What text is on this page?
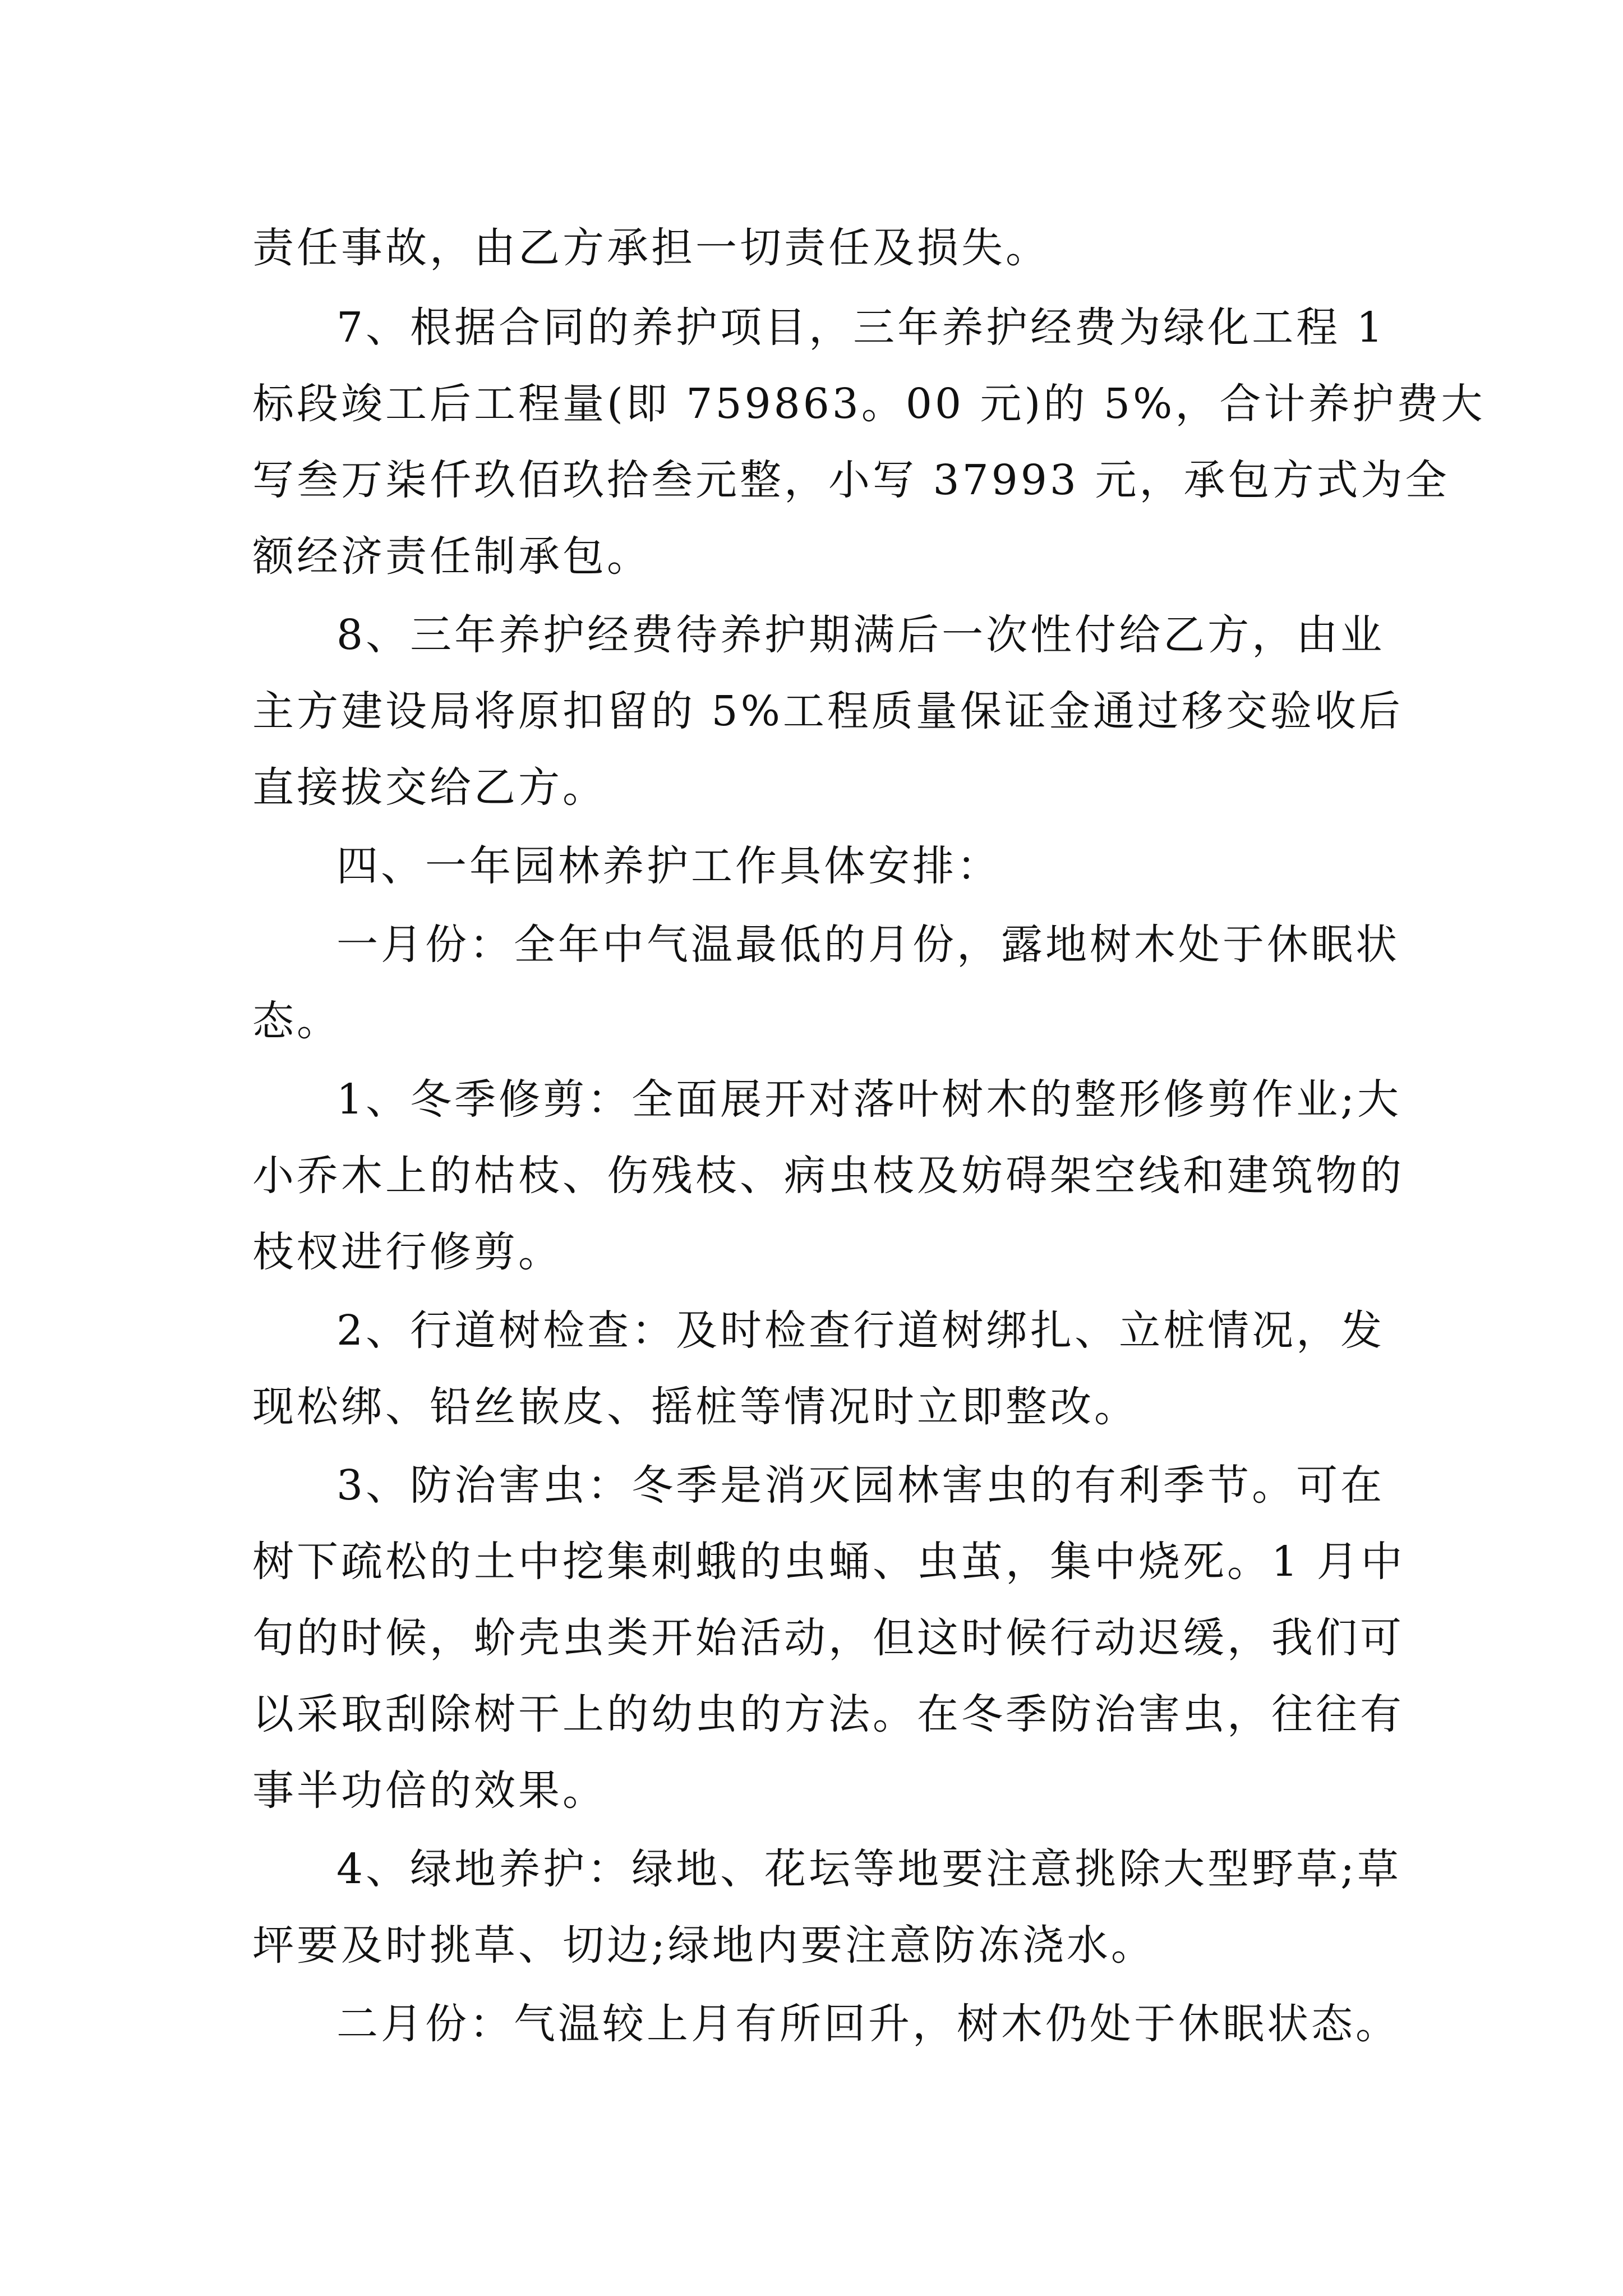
责任事故，由乙方承担一切责任及损失。

7、根据合同的养护项目，三年养护经费为绿化工程 1

标段竣工后工程量(即 759863。00 元)的 5%，合计养护费大

写叁万柒仟玖佰玖拾叁元整，小写 37993 元，承包方式为全

额经济责任制承包。

8、三年养护经费待养护期满后一次性付给乙方，由业

主方建设局将原扣留的 5%工程质量保证金通过移交验收后

直接拔交给乙方。

四、一年园林养护工作具体安排：

一月份：全年中气温最低的月份，露地树木处于休眠状

态。

1、冬季修剪：全面展开对落叶树木的整形修剪作业;大

小乔木上的枯枝、伤残枝、病虫枝及妨碍架空线和建筑物的

枝杈进行修剪。

2、行道树检查：及时检查行道树绑扎、立桩情况，发

现松绑、铅丝嵌皮、摇桩等情况时立即整改。

3、防治害虫：冬季是消灭园林害虫的有利季节。可在

树下疏松的土中挖集刺蛾的虫蛹、虫茧，集中烧死。1 月中

旬的时候，蚧壳虫类开始活动，但这时候行动迟缓，我们可

以采取刮除树干上的幼虫的方法。在冬季防治害虫，往往有

事半功倍的效果。

4、绿地养护：绿地、花坛等地要注意挑除大型野草;草

坪要及时挑草、切边;绿地内要注意防冻浇水。

二月份：气温较上月有所回升，树木仍处于休眠状态。
